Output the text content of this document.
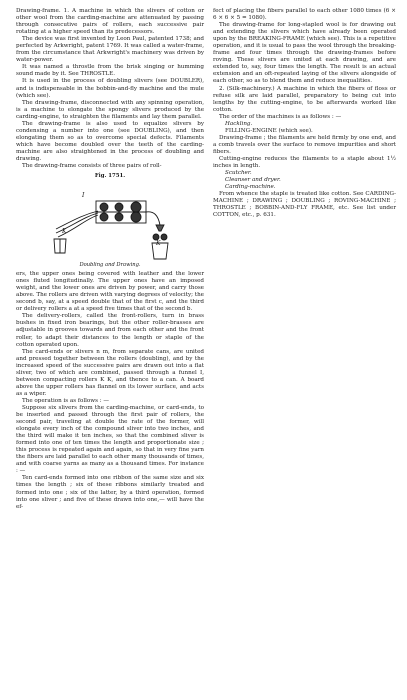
Drawing-frame. 1. A machine in which the slivers of cotton or other wool from the carding-machine are attenuated by passing through consecutive pairs of rollers, each successive pair rotating at a higher speed than its predecessors.

The device was first invented by Leon Paul, patented 1738; and perfected by Arkwright, patent 1769. It was called a water-frame, from the circumstance that Arkwright's machinery was driven by water-power.

It was named a throstle from the brisk singing or humming sound made by it. See THROSTLE.

It is used in the process of doubling slivers (see DOUBLER), and is indispensable in the bobbin-and-fly machine and the mule (which see).

The drawing-frame, disconnected with any spinning operation, is a machine to elongate the spongy slivers produced by the carding-engine, to straighten the filaments and lay them parallel.

The drawing-frame is also used to equalize slivers by condensing a number into one (see DOUBLING), and then elongating them so as to overcome special defects. Filaments which have become doubled over the teeth of the carding-machine are also straightened in the process of doubling and drawing.

The drawing-frame consists of three pairs of roll-

Fig. 1751.
I
K
K
Doubling and Drawing.

ers, the upper ones being covered with leather and the lower ones fluted longitudinally. The upper ones have an imposed weight, and the lower ones are driven by power, and carry those above. The rollers are driven with varying degrees of velocity; the second b, say, at a speed double that of the first c, and the third or delivery rollers a at a speed five times that of the second b.

The delivery-rollers, called the front-rollers, turn in brass bushes in fixed iron bearings, but the other roller-brasses are adjustable in grooves towards and from each other and the front roller, to adapt their distances to the length or staple of the cotton operated upon.

The card-ends or slivers n m, from separate cans, are united and pressed together between the rollers (doubling), and by the increased speed of the successive pairs are drawn out into a flat sliver, two of which are combined, passed through a funnel I, between compacting rollers K K, and thence to a can. A board above the upper rollers has flannel on its lower surface, and acts as a wiper.

The operation is as follows : —

Suppose six slivers from the carding-machine, or card-ends, to be inserted and passed through the first pair of rollers, the second pair, traveling at double the rate of the former, will elongate every inch of the compound sliver into two inches, and the third will make it ten inches, so that the combined sliver is formed into one of ten times the length and proportionate size ; this process is repeated again and again, so that in very fine yarn the fibers are laid parallel to each other many thousands of times, and with coarse yarns as many as a thousand times. For instance : —

Ten card-ends formed into one ribbon of the same size and six times the length ; six of these ribbons similarly treated and formed into one ; six of the latter, by a third operation, formed into one sliver ; and five of these drawn into one,— will have the ef-

fect of placing the fibers parallel to each other 1080 times (6 × 6 × 6 × 5 = 1080).

The drawing-frame for long-stapled wool is for drawing out and extending the slivers which have already been operated upon by the BREAKING-FRAME (which see). This is a repetitive operation, and it is usual to pass the wool through the breaking-frame and four times through the drawing-frames before roving. These slivers are united at each drawing, and are extended to, say, four times the length. The result is an actual extension and an oft-repeated laying of the slivers alongside of each other, so as to blend them and reduce inequalities.

2. (Silk-machinery.) A machine in which the fibers of floss or refuse silk are laid parallel, preparatory to being cut into lengths by the cutting-engine, to be afterwards worked like cotton.

The order of the machines is as follows : —

Hackling.

FILLING-ENGINE (which see).

Drawing-frame ; the filaments are held firmly by one end, and a comb travels over the surface to remove impurities and short fibers.

Cutting-engine reduces the filaments to a staple about 1½ inches in length.

Scutcher.

Cleanser and dryer.

Carding-machine.

From whence the staple is treated like cotton. See CARDING-MACHINE ; DRAWING ; DOUBLING ; ROVING-MACHINE ; THROSTLE ; BOBBIN-AND-FLY FRAME, etc. See list under COTTON, etc., p. 631.
